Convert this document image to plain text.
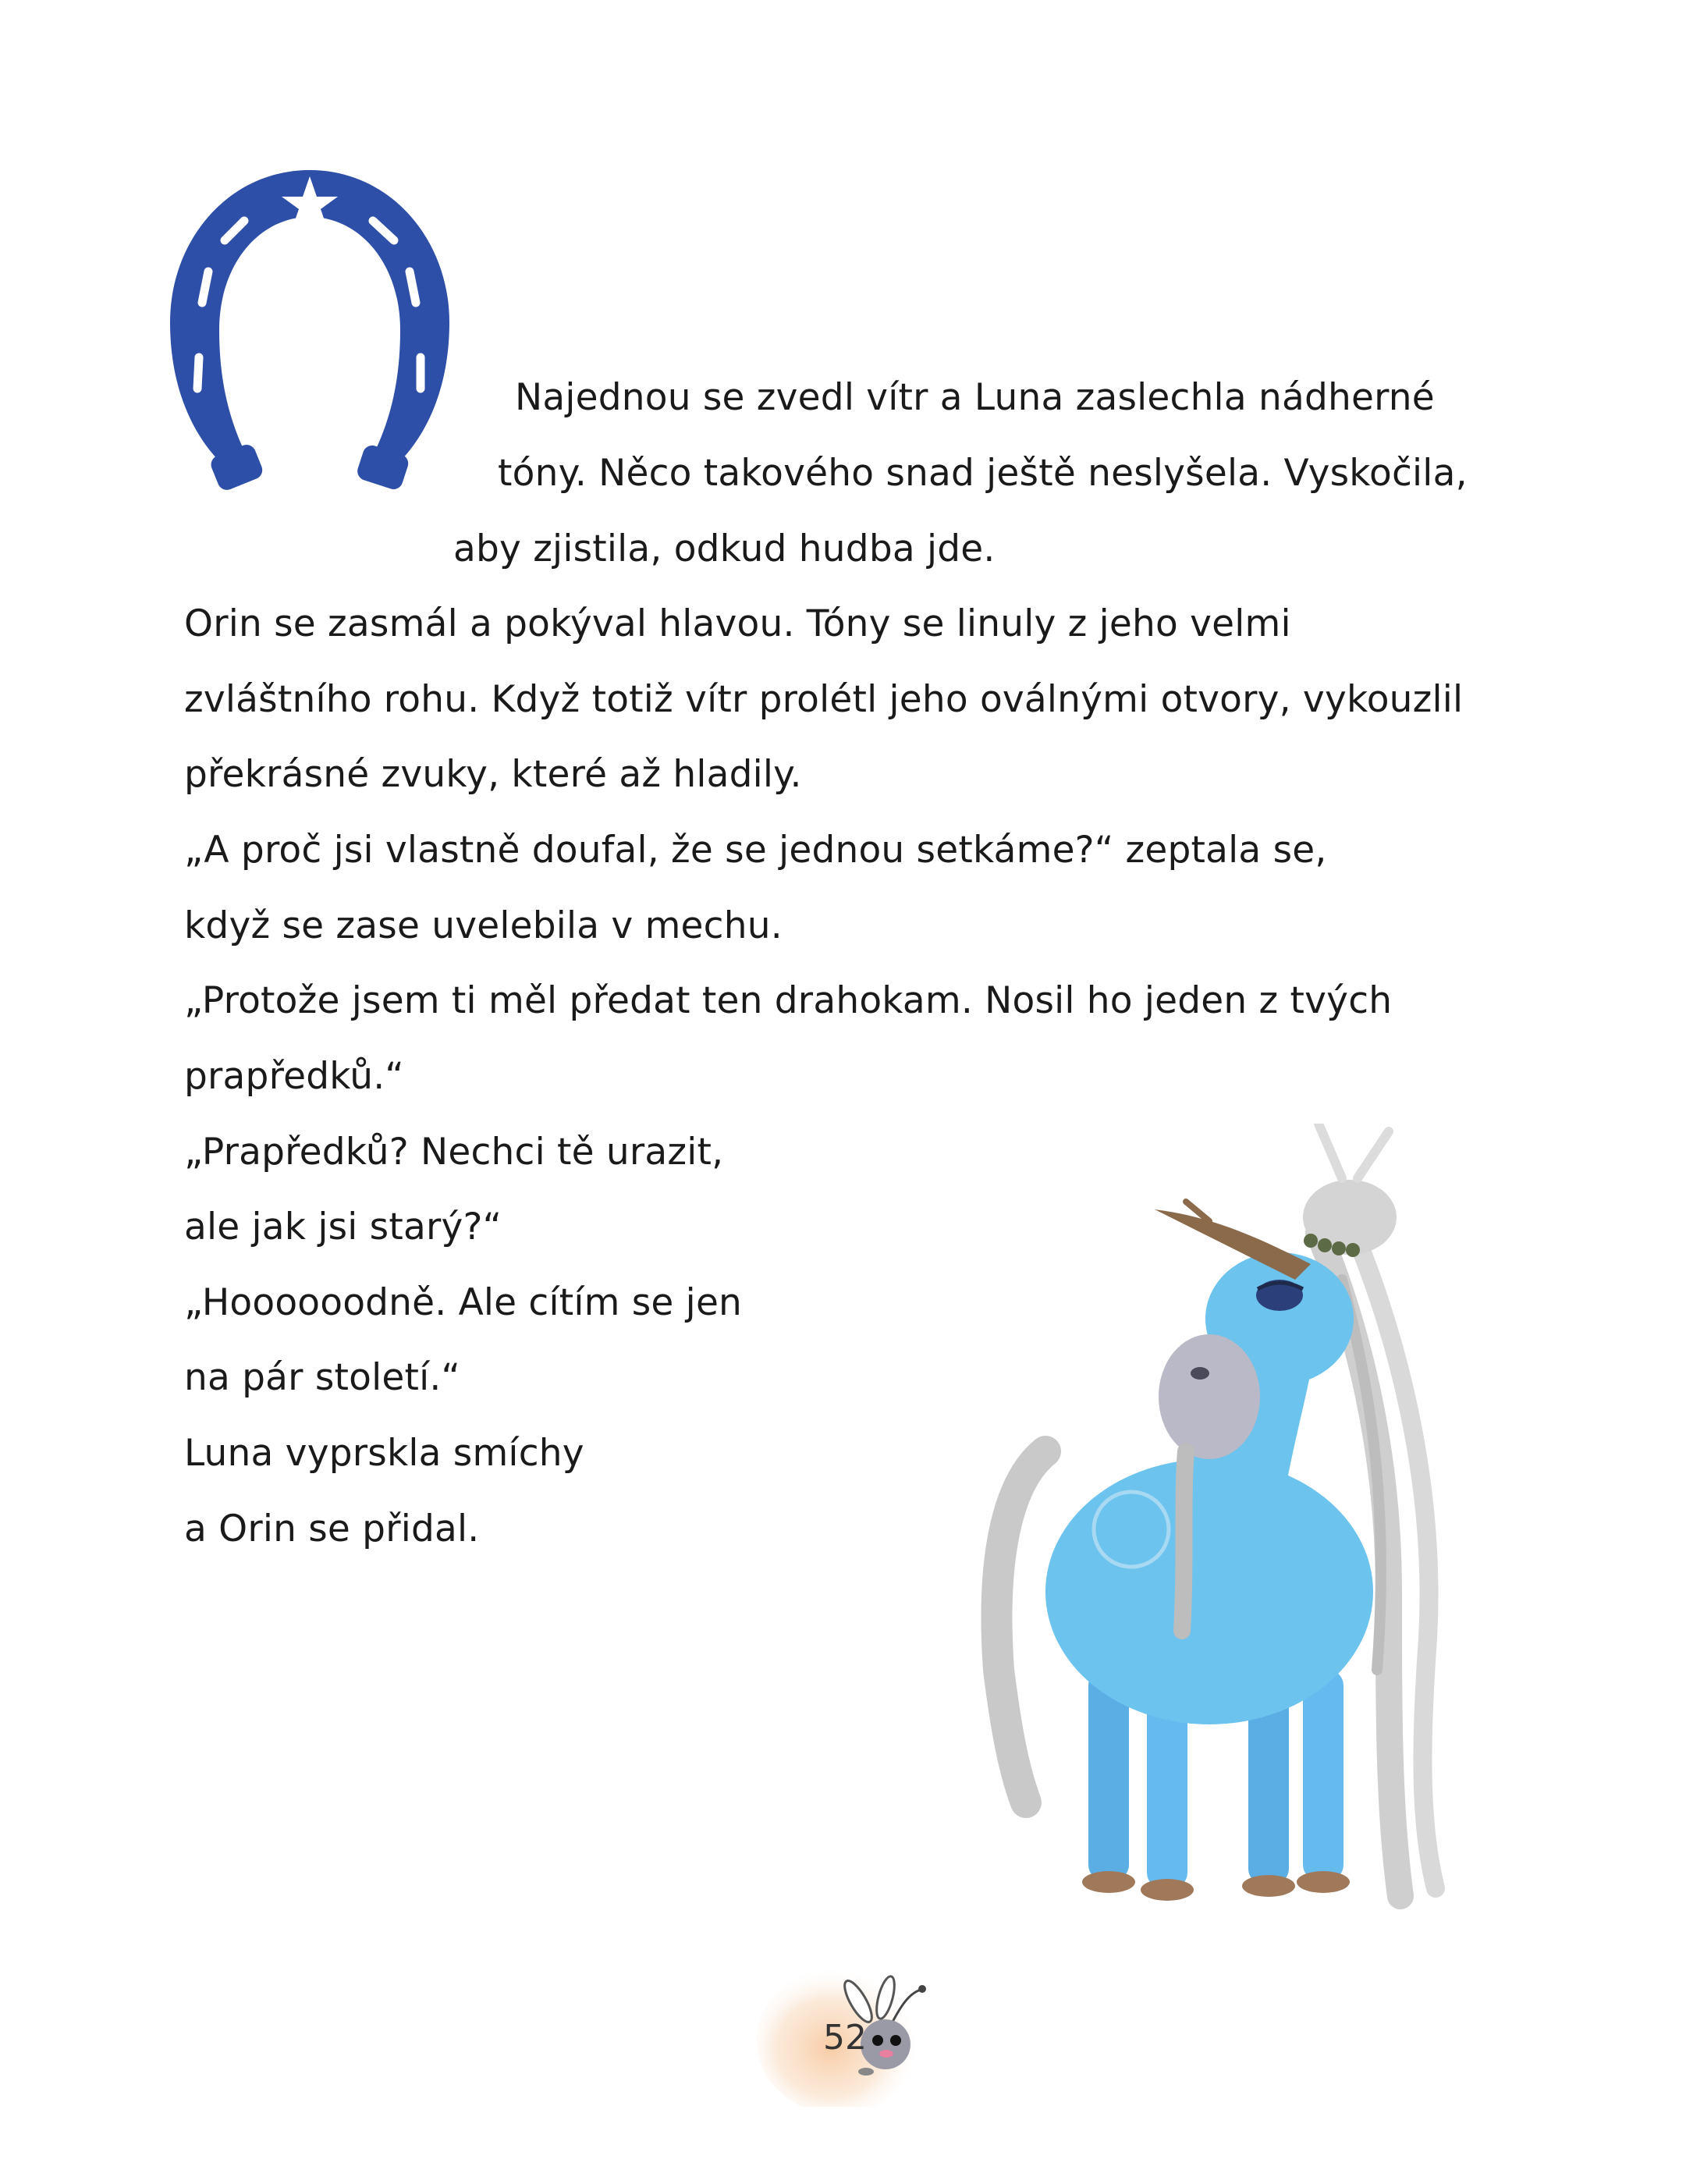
Najednou se zvedl vítr a Luna zaslechla nádherné
tóny. Něco takového snad ještě neslyšela. Vyskočila,
aby zjistila, odkud hudba jde.
Orin se zasmál a pokýval hlavou. Tóny se linuly z jeho velmi
zvláštního rohu. Když totiž vítr prolétl jeho oválnými otvory, vykouzlil
překrásné zvuky, které až hladily.
„A proč jsi vlastně doufal, že se jednou setkáme?“ zeptala se,
když se zase uvelebila v mechu.
„Protože jsem ti měl předat ten drahokam. Nosil ho jeden z tvých
prapředků.“
„Prapředků? Nechci tě urazit,
ale jak jsi starý?“
„Hoooooodně. Ale cítím se jen
na pár století.“
Luna vyprskla smíchy
a Orin se přidal.
52
